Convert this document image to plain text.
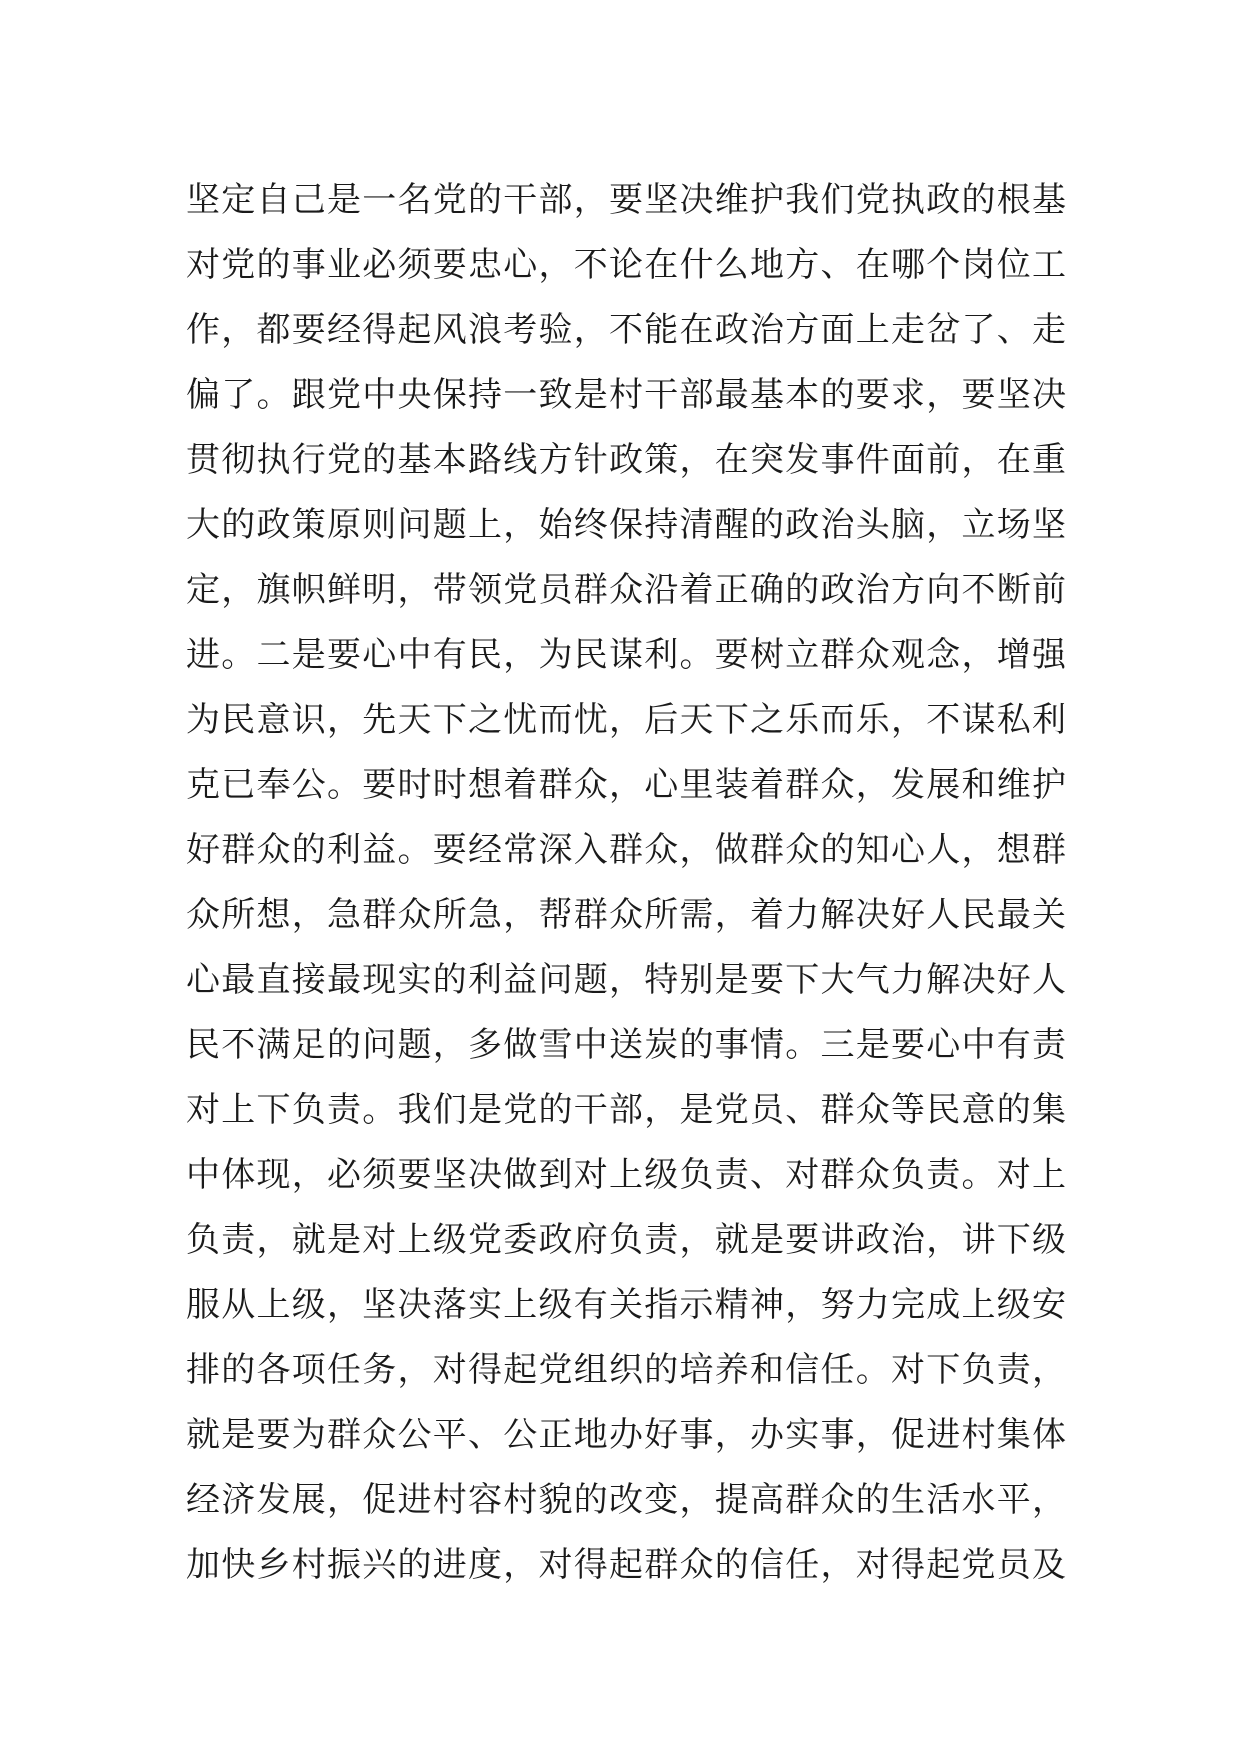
坚定自己是一名党的干部，要坚决维护我们党执政的根基
对党的事业必须要忠心，不论在什么地方、在哪个岗位工
作，都要经得起风浪考验，不能在政治方面上走岔了、走
偏了。跟党中央保持一致是村干部最基本的要求，要坚决
贯彻执行党的基本路线方针政策，在突发事件面前，在重
大的政策原则问题上，始终保持清醒的政治头脑，立场坚
定，旗帜鲜明，带领党员群众沿着正确的政治方向不断前
进。二是要心中有民，为民谋利。要树立群众观念，增强
为民意识，先天下之忧而忧，后天下之乐而乐，不谋私利
克已奉公。要时时想着群众，心里装着群众，发展和维护
好群众的利益。要经常深入群众，做群众的知心人，想群
众所想，急群众所急，帮群众所需，着力解决好人民最关
心最直接最现实的利益问题，特别是要下大气力解决好人
民不满足的问题，多做雪中送炭的事情。三是要心中有责
对上下负责。我们是党的干部，是党员、群众等民意的集
中体现，必须要坚决做到对上级负责、对群众负责。对上
负责，就是对上级党委政府负责，就是要讲政治，讲下级
服从上级，坚决落实上级有关指示精神，努力完成上级安
排的各项任务，对得起党组织的培养和信任。对下负责，
就是要为群众公平、公正地办好事，办实事，促进村集体
经济发展，促进村容村貌的改变，提高群众的生活水平，
加快乡村振兴的进度，对得起群众的信任，对得起党员及
